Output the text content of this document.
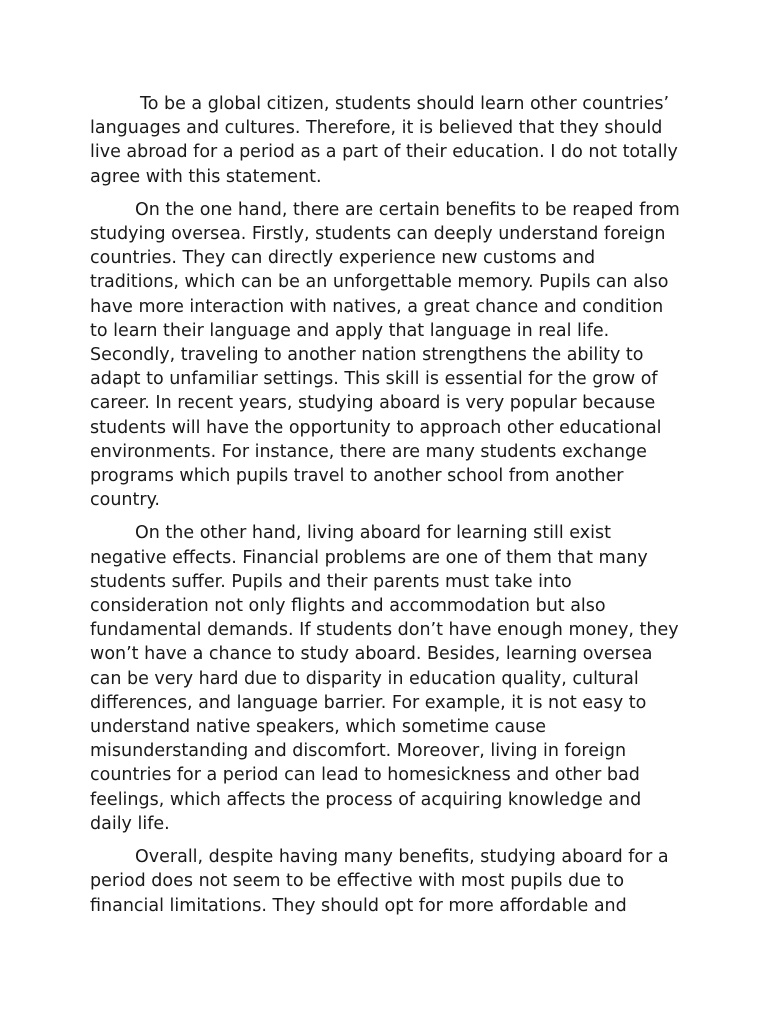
To be a global citizen, students should learn other countries’ languages and cultures. Therefore, it is believed that they should live abroad for a period as a part of their education. I do not totally agree with this statement.

On the one hand, there are certain benefits to be reaped from studying oversea. Firstly, students can deeply understand foreign countries. They can directly experience new customs and traditions, which can be an unforgettable memory. Pupils can also have more interaction with natives, a great chance and condition to learn their language and apply that language in real life. Secondly, traveling to another nation strengthens the ability to adapt to unfamiliar settings. This skill is essential for the grow of career. In recent years, studying aboard is very popular because students will have the opportunity to approach other educational environments. For instance, there are many students exchange programs which pupils travel to another school from another country.

On the other hand, living aboard for learning still exist negative effects. Financial problems are one of them that many students suffer. Pupils and their parents must take into consideration not only flights and accommodation but also fundamental demands. If students don’t have enough money, they won’t have a chance to study aboard. Besides, learning oversea can be very hard due to disparity in education quality, cultural differences, and language barrier. For example, it is not easy to understand native speakers, which sometime cause misunderstanding and discomfort. Moreover, living in foreign countries for a period can lead to homesickness and other bad feelings, which affects the process of acquiring knowledge and daily life.

Overall, despite having many benefits, studying aboard for a period does not seem to be effective with most pupils due to financial limitations. They should opt for more affordable and
